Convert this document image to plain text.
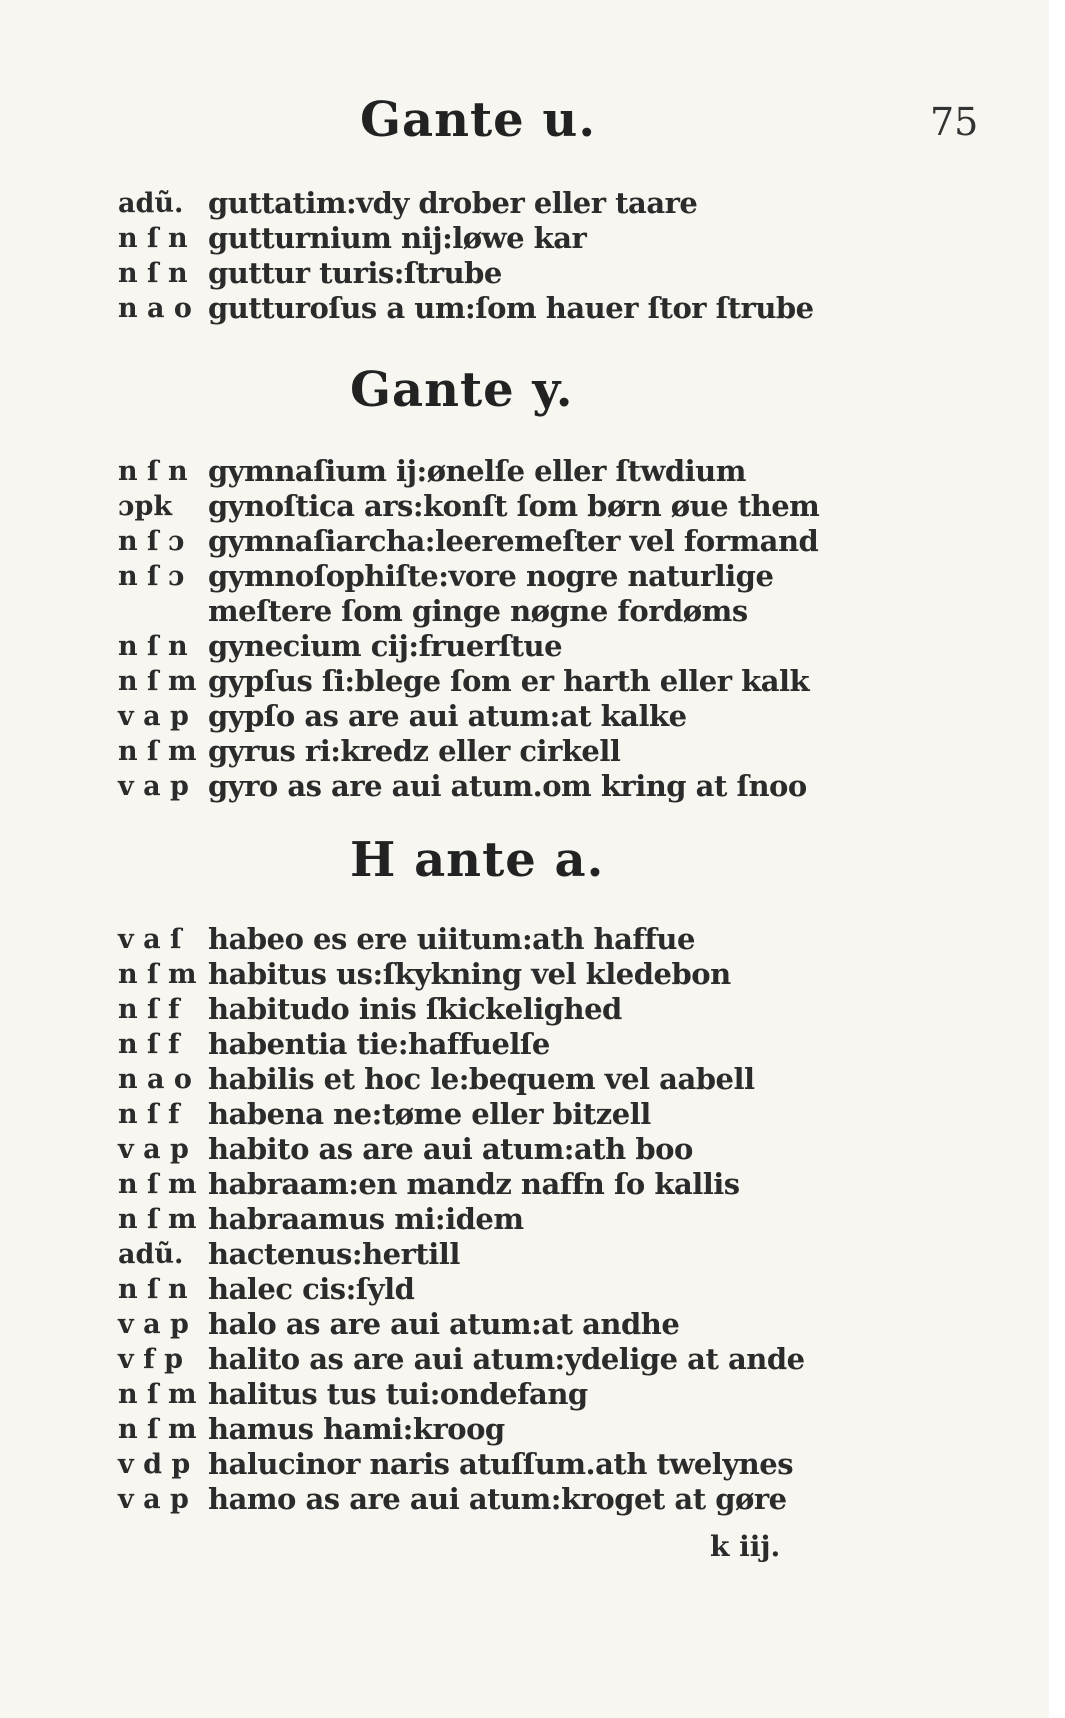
75
Gante u.
adũ. guttatim:vdy drober eller taare
n ſ n gutturnium nij:løwe kar
n ſ n guttur turis:ſtrube
n a o gutturoſus a um:ſom hauer ſtor ſtrube
Gante y.
n ſ n gymnaſium ij:ønelſe eller ſtwdium
ɔpk	gynoſtica ars:konſt ſom børn øue them
n ſ ɔ gymnaſiarcha:leeremeſter vel formand
n ſ ɔ gymnoſophiſte:vore nogre naturlige
meſtere ſom ginge nøgne fordøms
n ſ n gynecium cij:fruerſtue
n ſ m gypſus ſi:blege ſom er harth eller kalk
v a p gypſo as are aui atum:at kalke
n ſ m gyrus ri:kredz eller cirkell
v a p gyro as are aui atum.om kring at ſnoo
H ante a.
v a ſ habeo es ere uiitum:ath haffue
n ſ m habitus us:ſkykning vel kledebon
n ſ f habitudo inis ſkickelighed
n ſ f habentia tie:haffuelſe
n a o habilis et hoc le:bequem vel aabell
n ſ f habena ne:tøme eller bitzell
v a p habito as are aui atum:ath boo
n ſ m habraam:en mandz naffn ſo kallis
n ſ m habraamus mi:idem
adũ. hactenus:hertill
n ſ n halec cis:ſyld
v a p halo as are aui atum:at andhe
v f p halito as are aui atum:ydelige at ande
n ſ m halitus tus tui:ondefang
n ſ m hamus hami:kroog
v d p halucinor naris atuſſum.ath twelynes
v a p hamo as are aui atum:kroget at gøre
k iij.
